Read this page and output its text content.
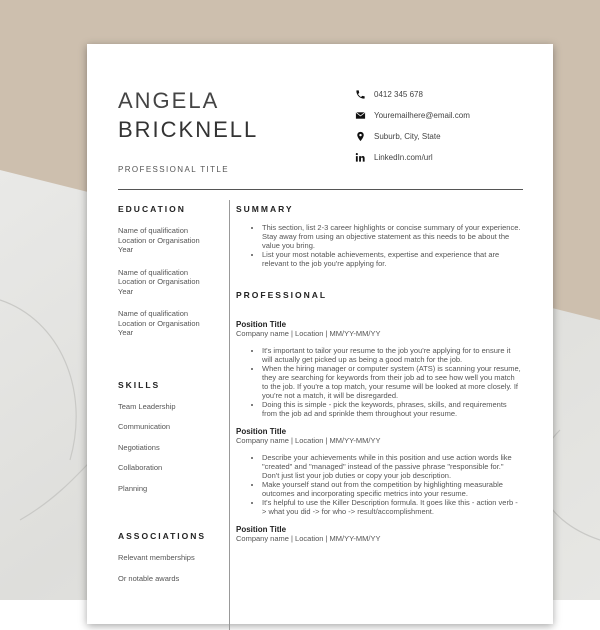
ANGELA
BRICKNELL
PROFESSIONAL TITLE
0412 345 678
Youremailhere@email.com
Suburb, City, State
LinkedIn.com/url
EDUCATION
Name of qualification
Location or Organisation
Year
Name of qualification
Location or Organisation
Year
Name of qualification
Location or Organisation
Year
SKILLS
Team Leadership
Communication
Negotiations
Collaboration
Planning
ASSOCIATIONS
Relevant memberships
Or notable awards
SUMMARY
• This section, list 2-3 career highlights or concise summary of your experience. Stay away from using an objective statement as this needs to be about the value you bring.
• List your most notable achievements, expertise and experience that are relevant to the job you're applying for.
PROFESSIONAL
Position Title
Company name | Location | MM/YY-MM/YY
• It's important to tailor your resume to the job you're applying for to ensure it will actually get picked up as being a good match for the job.
• When the hiring manager or computer system (ATS) is scanning your resume, they are searching for keywords from their job ad to see how well you match to the job. If you're a top match, your resume will be looked at more closely. If you're not a match, it will be disregarded.
• Doing this is simple - pick the keywords, phrases, skills, and requirements from the job ad and sprinkle them throughout your resume.
Position Title
Company name | Location | MM/YY-MM/YY
• Describe your achievements while in this position and use action words like "created" and "managed" instead of the passive phrase "responsible for." Don't just list your job duties or copy your job description.
• Make yourself stand out from the competition by highlighting measurable outcomes and incorporating specific metrics into your resume.
• It's helpful to use the Killer Description formula. It goes like this - action verb -> what you did -> for who -> result/accomplishment.
Position Title
Company name | Location | MM/YY-MM/YY
